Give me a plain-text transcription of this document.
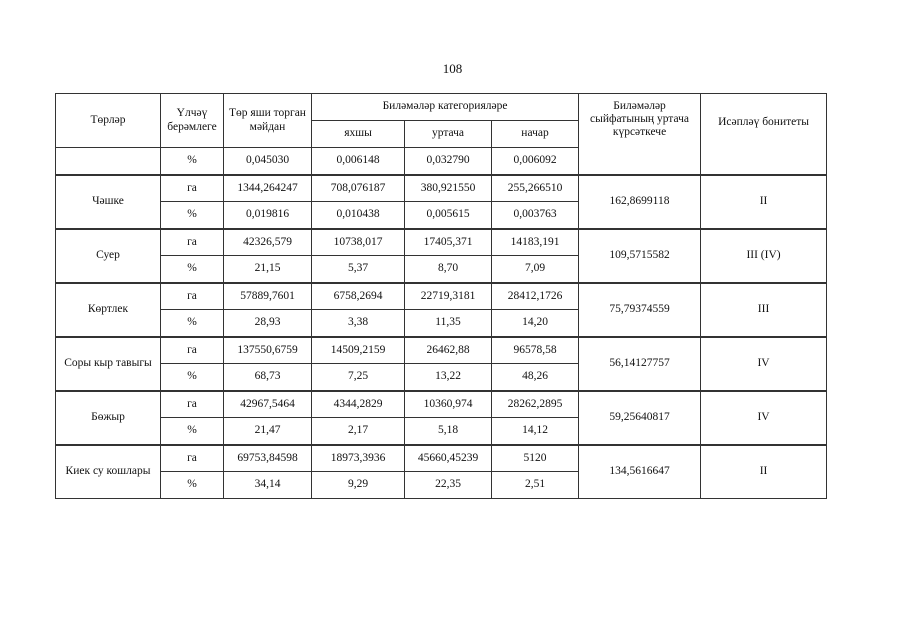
108
Төрләр	Үлчәү берәмлеге	Төр яши торган мәйдан	Биләмәләр категорияләре			Биләмәләр сыйфатының уртача күрсәткече	Исәпләү бонитеты
			яхшы	уртача	начар		
	%	0,045030	0,006148	0,032790	0,006092		
Чәшке	га	1344,264247	708,076187	380,921550	255,266510	162,8699118	II
	%	0,019816	0,010438	0,005615	0,003763		
Суер	га	42326,579	10738,017	17405,371	14183,191	109,5715582	III (IV)
	%	21,15	5,37	8,70	7,09		
Көртлек	га	57889,7601	6758,2694	22719,3181	28412,1726	75,79374559	III
	%	28,93	3,38	11,35	14,20		
Соры кыр тавыгы	га	137550,6759	14509,2159	26462,88	96578,58	56,14127757	IV
	%	68,73	7,25	13,22	48,26		
Бөжыр	га	42967,5464	4344,2829	10360,974	28262,2895	59,25640817	IV
	%	21,47	2,17	5,18	14,12		
Киек су кошлары	га	69753,84598	18973,3936	45660,45239	5120	134,5616647	II
	%	34,14	9,29	22,35	2,51		
